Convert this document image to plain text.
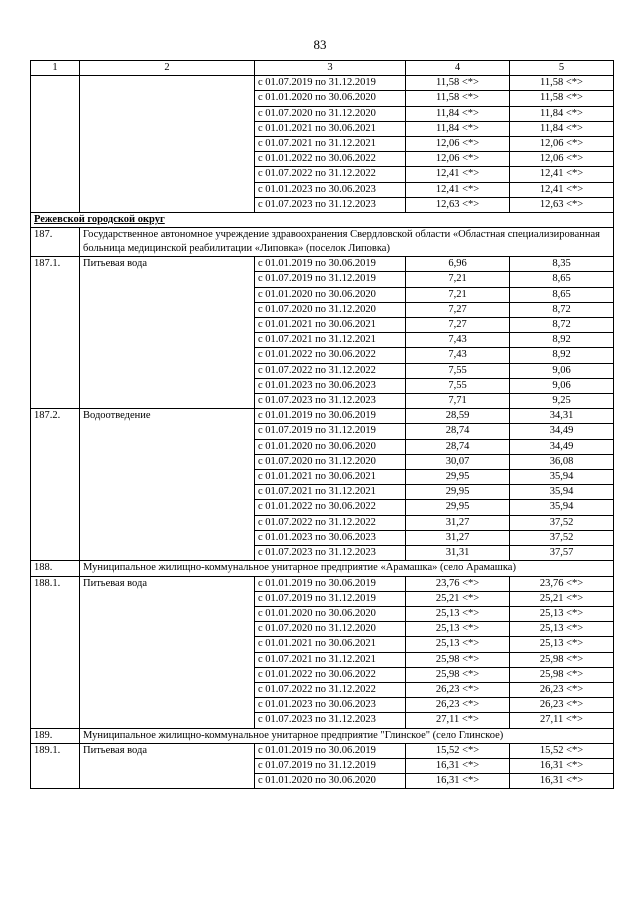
83
1	2	3	4	5
		с 01.07.2019 по 31.12.2019	11,58 <*>	11,58 <*>
		с 01.01.2020 по 30.06.2020	11,58 <*>	11,58 <*>
		с 01.07.2020 по 31.12.2020	11,84 <*>	11,84 <*>
		с 01.01.2021 по 30.06.2021	11,84 <*>	11,84 <*>
		с 01.07.2021 по 31.12.2021	12,06 <*>	12,06 <*>
		с 01.01.2022 по 30.06.2022	12,06 <*>	12,06 <*>
		с 01.07.2022 по 31.12.2022	12,41 <*>	12,41 <*>
		с 01.01.2023 по 30.06.2023	12,41 <*>	12,41 <*>
		с 01.07.2023 по 31.12.2023	12,63 <*>	12,63 <*>
Режевской городской округ				
187.	Государственное автономное учреждение здравоохранения Свердловской области «Областная специализированная больница медицинской реабилитации «Липовка» (поселок Липовка)			
187.1.	Питьевая вода	с 01.01.2019 по 30.06.2019	6,96	8,35
		с 01.07.2019 по 31.12.2019	7,21	8,65
		с 01.01.2020 по 30.06.2020	7,21	8,65
		с 01.07.2020 по 31.12.2020	7,27	8,72
		с 01.01.2021 по 30.06.2021	7,27	8,72
		с 01.07.2021 по 31.12.2021	7,43	8,92
		с 01.01.2022 по 30.06.2022	7,43	8,92
		с 01.07.2022 по 31.12.2022	7,55	9,06
		с 01.01.2023 по 30.06.2023	7,55	9,06
		с 01.07.2023 по 31.12.2023	7,71	9,25
187.2.	Водоотведение	с 01.01.2019 по 30.06.2019	28,59	34,31
		с 01.07.2019 по 31.12.2019	28,74	34,49
		с 01.01.2020 по 30.06.2020	28,74	34,49
		с 01.07.2020 по 31.12.2020	30,07	36,08
		с 01.01.2021 по 30.06.2021	29,95	35,94
		с 01.07.2021 по 31.12.2021	29,95	35,94
		с 01.01.2022 по 30.06.2022	29,95	35,94
		с 01.07.2022 по 31.12.2022	31,27	37,52
		с 01.01.2023 по 30.06.2023	31,27	37,52
		с 01.07.2023 по 31.12.2023	31,31	37,57
188.	Муниципальное жилищно-коммунальное унитарное предприятие «Арамашка» (село Арамашка)			
188.1.	Питьевая вода	с 01.01.2019 по 30.06.2019	23,76 <*>	23,76 <*>
		с 01.07.2019 по 31.12.2019	25,21 <*>	25,21 <*>
		с 01.01.2020 по 30.06.2020	25,13 <*>	25,13 <*>
		с 01.07.2020 по 31.12.2020	25,13 <*>	25,13 <*>
		с 01.01.2021 по 30.06.2021	25,13 <*>	25,13 <*>
		с 01.07.2021 по 31.12.2021	25,98 <*>	25,98 <*>
		с 01.01.2022 по 30.06.2022	25,98 <*>	25,98 <*>
		с 01.07.2022 по 31.12.2022	26,23 <*>	26,23 <*>
		с 01.01.2023 по 30.06.2023	26,23 <*>	26,23 <*>
		с 01.07.2023 по 31.12.2023	27,11 <*>	27,11 <*>
189.	Муниципальное жилищно-коммунальное унитарное предприятие "Глинское" (село Глинское)			
189.1.	Питьевая вода	с 01.01.2019 по 30.06.2019	15,52 <*>	15,52 <*>
		с 01.07.2019 по 31.12.2019	16,31 <*>	16,31 <*>
		с 01.01.2020 по 30.06.2020	16,31 <*>	16,31 <*>
